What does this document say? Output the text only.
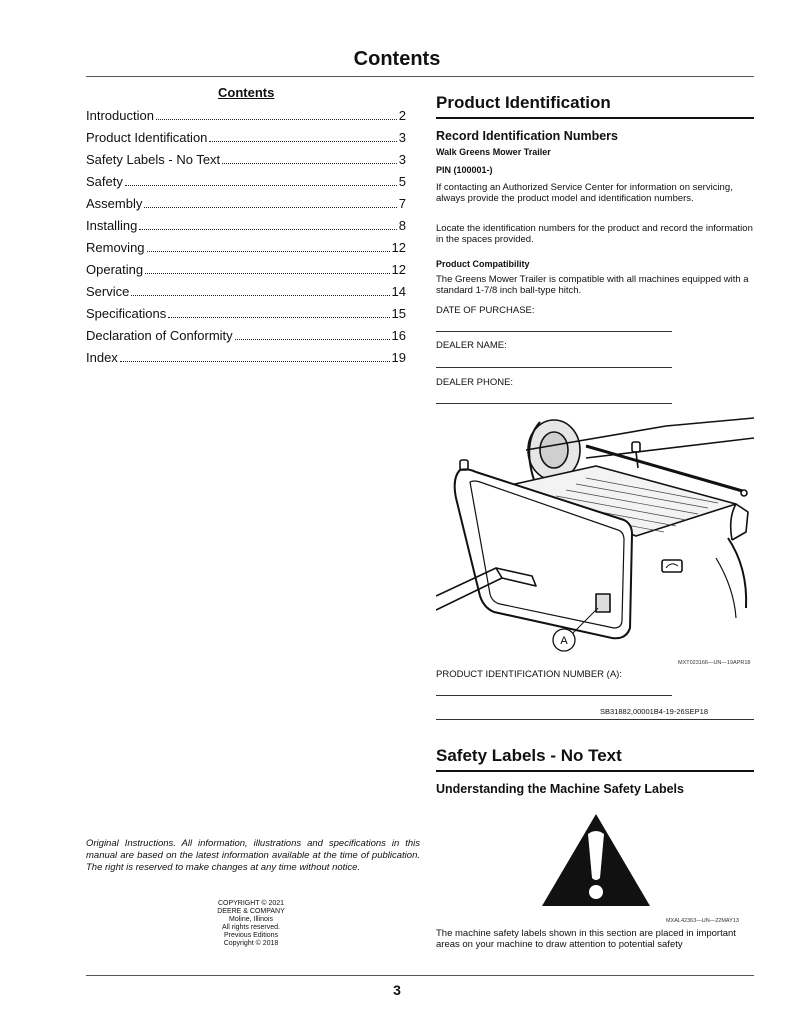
Contents
Contents
Introduction	2
Product Identification	3
Safety Labels - No Text	3
Safety	5
Assembly	7
Installing	8
Removing	12
Operating	12
Service	14
Specifications	15
Declaration of Conformity	16
Index	19
Original Instructions. All information, illustrations and specifications in this manual are based on the latest information available at the time of publication. The right is reserved to make changes at any time without notice.
COPYRIGHT © 2021
DEERE & COMPANY
Moline, Illinois
All rights reserved.
Previous Editions
Copyright © 2018
Product Identification
Record Identification Numbers
Walk Greens Mower Trailer
PIN (100001-)
If contacting an Authorized Service Center for information on servicing, always provide the product model and identification numbers.
Locate the identification numbers for the product and record the information in the spaces provided.
Product Compatibility
The Greens Mower Trailer is compatible with all machines equipped with a standard 1-7/8 inch ball-type hitch.
DATE OF PURCHASE:
DEALER NAME:
DEALER PHONE:
A
MXT023166—UN—19APR18
PRODUCT IDENTIFICATION NUMBER (A):
SB31882,00001B4-19-26SEP18
Safety Labels - No Text
Understanding the Machine Safety Labels
MXAL42363—UN—22MAY13
The machine safety labels shown in this section are placed in important areas on your machine to draw attention to potential safety
3
